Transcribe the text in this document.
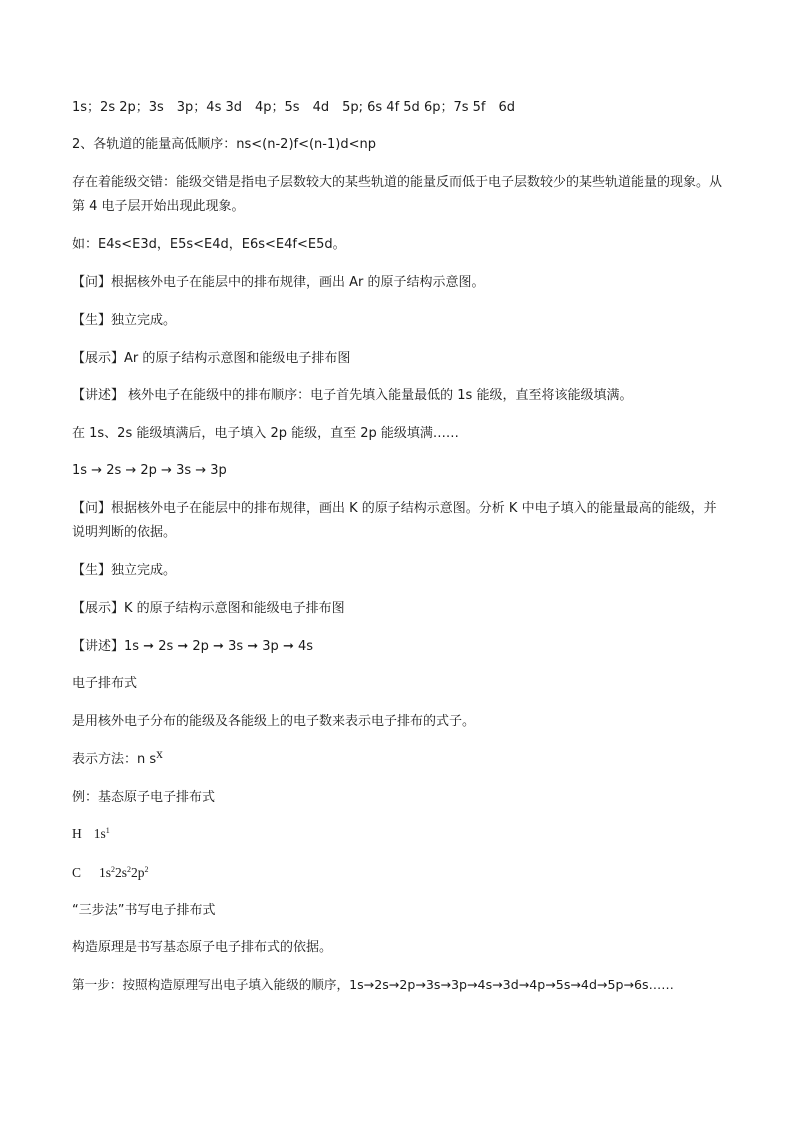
1s；2s 2p；3s　3p；4s 3d　4p；5s　4d　5p; 6s 4f 5d 6p；7s 5f　6d
2、各轨道的能量高低顺序：ns<(n-2)f<(n-1)d<np
存在着能级交错：能级交错是指电子层数较大的某些轨道的能量反而低于电子层数较少的某些轨道能量的现象。从第 4 电子层开始出现此现象。
如：E4s<E3d，E5s<E4d，E6s<E4f<E5d。
【问】根据核外电子在能层中的排布规律，画出 Ar 的原子结构示意图。
【生】独立完成。
【展示】Ar 的原子结构示意图和能级电子排布图
【讲述】 核外电子在能级中的排布顺序：电子首先填入能量最低的 1s 能级，直至将该能级填满。
在 1s、2s 能级填满后，电子填入 2p 能级，直至 2p 能级填满……
1s → 2s → 2p → 3s → 3p
【问】根据核外电子在能层中的排布规律，画出 K 的原子结构示意图。分析 K 中电子填入的能量最高的能级，并说明判断的依据。
【生】独立完成。
【展示】K 的原子结构示意图和能级电子排布图
【讲述】1s ➞ 2s ➞ 2p ➞ 3s ➞ 3p ➞ 4s
电子排布式
是用核外电子分布的能级及各能级上的电子数来表示电子排布的式子。
表示方法：n $s^x$
例：基态原子电子排布式
H $1s^1$
C $1s^22s^22p^2$
“三步法”书写电子排布式
构造原理是书写基态原子电子排布式的依据。
第一步：按照构造原理写出电子填入能级的顺序，1s→2s→2p→3s→3p→4s→3d→4p→5s→4d→5p→6s……
